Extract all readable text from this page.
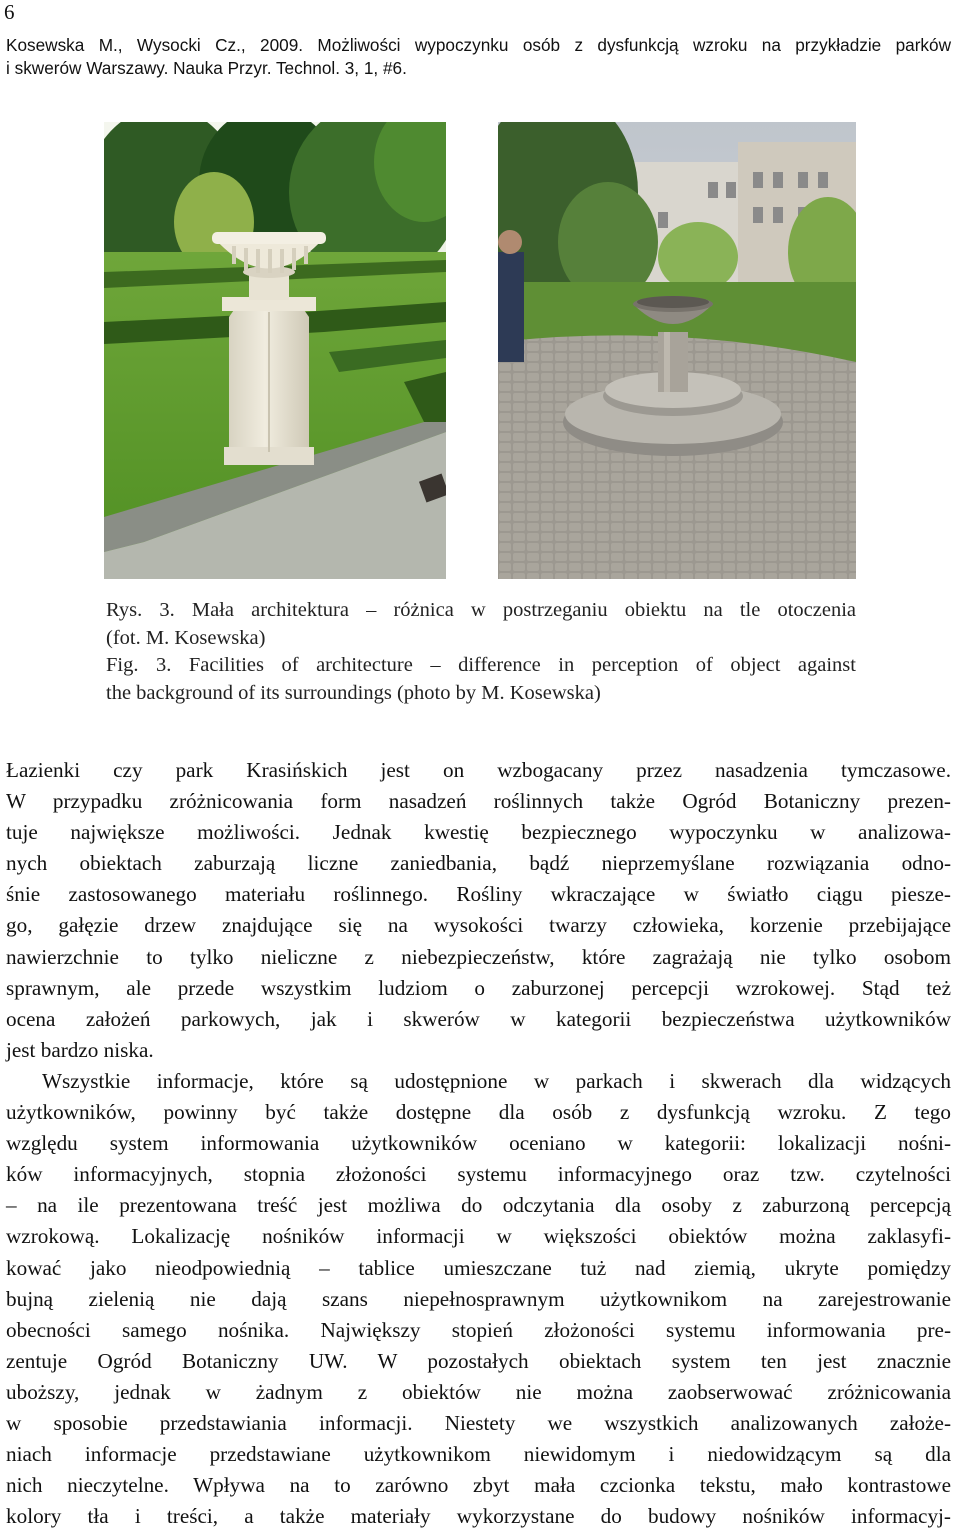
6
Kosewska M., Wysocki Cz., 2009. Możliwości wypoczynku osób z dysfunkcją wzroku na przykładzie parków
i skwerów Warszawy. Nauka Przyr. Technol. 3, 1, #6.
Rys. 3. Mała architektura – różnica w postrzeganiu obiektu na tle otoczenia
(fot. M. Kosewska)
Fig. 3. Facilities of architecture – difference in perception of object against
the background of its surroundings (photo by M. Kosewska)
Łazienki czy park Krasińskich jest on wzbogacany przez nasadzenia tymczasowe.
W przypadku zróżnicowania form nasadzeń roślinnych także Ogród Botaniczny prezen-
tuje największe możliwości. Jednak kwestię bezpiecznego wypoczynku w analizowa-
nych obiektach zaburzają liczne zaniedbania, bądź nieprzemyślane rozwiązania odno-
śnie zastosowanego materiału roślinnego. Rośliny wkraczające w światło ciągu pieszе-
go, gałęzie drzew znajdujące się na wysokości twarzy człowieka, korzenie przebijające
nawierzchnie to tylko nieliczne z niebezpieczeństw, które zagrażają nie tylko osobom
sprawnym, ale przede wszystkim ludziom o zaburzonej percepcji wzrokowej. Stąd też
ocena założeń parkowych, jak i skwerów w kategorii bezpieczeństwa użytkowników
jest bardzo niska.
Wszystkie informacje, które są udostępnione w parkach i skwerach dla widzących
użytkowników, powinny być także dostępne dla osób z dysfunkcją wzroku. Z tego
względu system informowania użytkowników oceniano w kategorii: lokalizacji nośni-
ków informacyjnych, stopnia złożoności systemu informacyjnego oraz tzw. czytelności
– na ile prezentowana treść jest możliwa do odczytania dla osoby z zaburzoną percepcją
wzrokową. Lokalizację nośników informacji w większości obiektów można zaklasyfi-
kować jako nieodpowiednią – tablice umieszczane tuż nad ziemią, ukryte pomiędzy
bujną zielenią nie dają szans niepełnosprawnym użytkownikom na zarejestrowanie
obecności samego nośnika. Największy stopień złożoności systemu informowania pre-
zentuje Ogród Botaniczny UW. W pozostałych obiektach system ten jest znacznie
uboższy, jednak w żadnym z obiektów nie można zaobserwować zróżnicowania
w sposobie przedstawiania informacji. Niestety we wszystkich analizowanych założe-
niach informacje przedstawiane użytkownikom niewidomym i niedowidzącym są dla
nich nieczytelne. Wpływa na to zarówno zbyt mała czcionka tekstu, mało kontrastowe
kolory tła i treści, a także materiały wykorzystane do budowy nośników informacyj-
